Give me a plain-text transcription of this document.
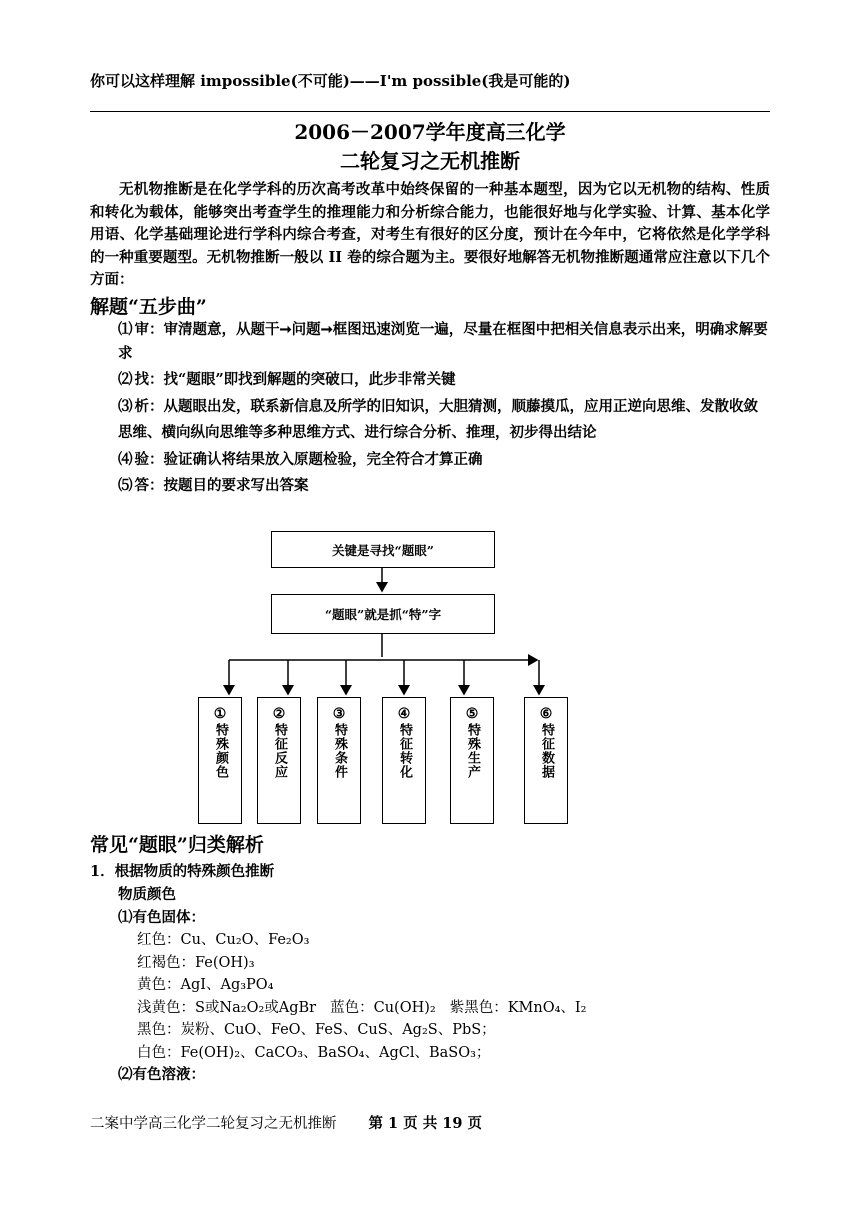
你可以这样理解 impossible(不可能)——I'm possible(我是可能的)
2006－2007学年度高三化学
二轮复习之无机推断
无机物推断是在化学学科的历次高考改革中始终保留的一种基本题型，因为它以无机物的结构、性质和转化为载体，能够突出考查学生的推理能力和分析综合能力，也能很好地与化学实验、计算、基本化学用语、化学基础理论进行学科内综合考查，对考生有很好的区分度，预计在今年中，它将依然是化学学科的一种重要题型。无机物推断一般以 II 卷的综合题为主。要很好地解答无机物推断题通常应注意以下几个方面：
解题“五步曲”
⑴ 审：审清题意，从题干➞问题➞框图迅速浏览一遍，尽量在框图中把相关信息表示出来，明确求解要求
⑵ 找：找“题眼”即找到解题的突破口，此步非常关键
⑶ 析：从题眼出发，联系新信息及所学的旧知识，大胆猜测，顺藤摸瓜，应用正逆向思维、发散收敛思维、横向纵向思维等多种思维方式、进行综合分析、推理，初步得出结论
⑷ 验：验证确认将结果放入原题检验，完全符合才算正确
⑸ 答：按题目的要求写出答案
关键是寻找“题眼”
“题眼”就是抓“特”字
①
特殊颜色
②
特征反应
③
特殊条件
④
特征转化
⑤
特殊生产
⑥
特征数据
常见“题眼”归类解析
1．根据物质的特殊颜色推断
物质颜色
⑴有色固体：
红色：Cu、Cu₂O、Fe₂O₃
红褐色：Fe(OH)₃
黄色：AgI、Ag₃PO₄
浅黄色：S或Na₂O₂或AgBr 蓝色：Cu(OH)₂ 紫黑色：KMnO₄、I₂
黑色：炭粉、CuO、FeO、FeS、CuS、Ag₂S、PbS；
白色：Fe(OH)₂、CaCO₃、BaSO₄、AgCl、BaSO₃；
⑵有色溶液：
二案中学高三化学二轮复习之无机推断 第 1 页 共 19 页
